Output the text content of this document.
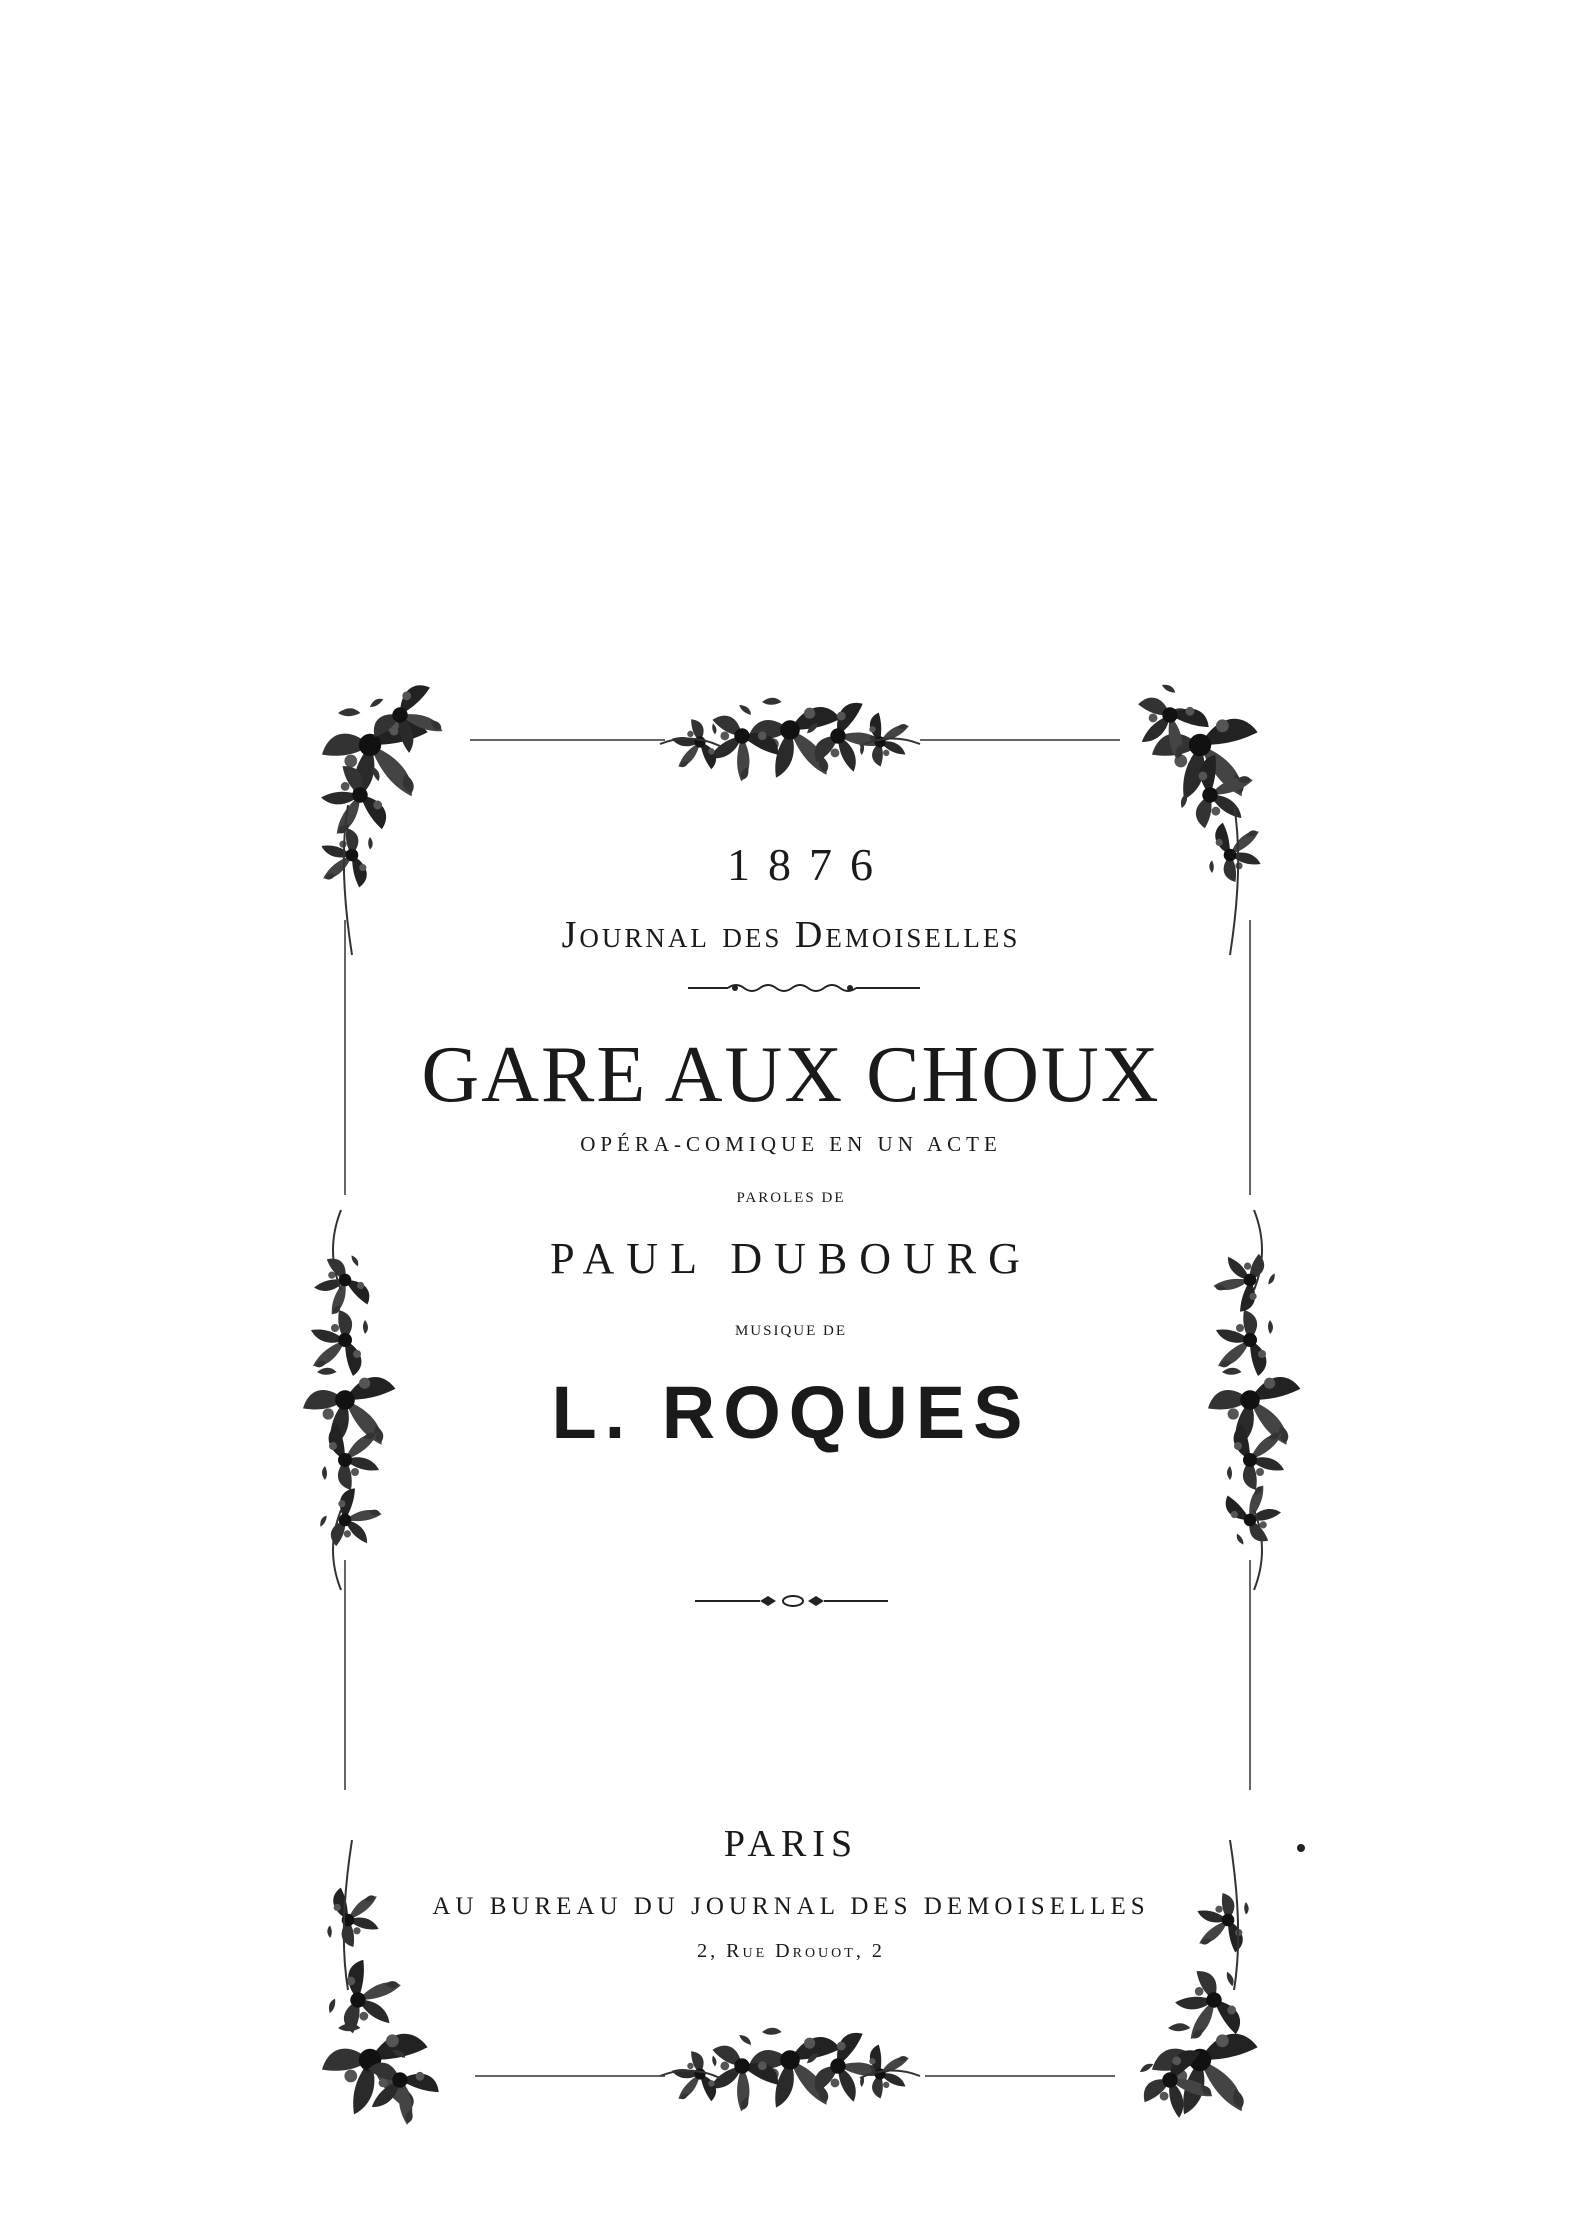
1876
Journal des Demoiselles
GARE AUX CHOUX
OPÉRA-COMIQUE EN UN ACTE
PAROLES DE
PAUL DUBOURG
MUSIQUE DE
L. ROQUES
PARIS
AU BUREAU DU JOURNAL DES DEMOISELLES
2, Rue Drouot, 2
